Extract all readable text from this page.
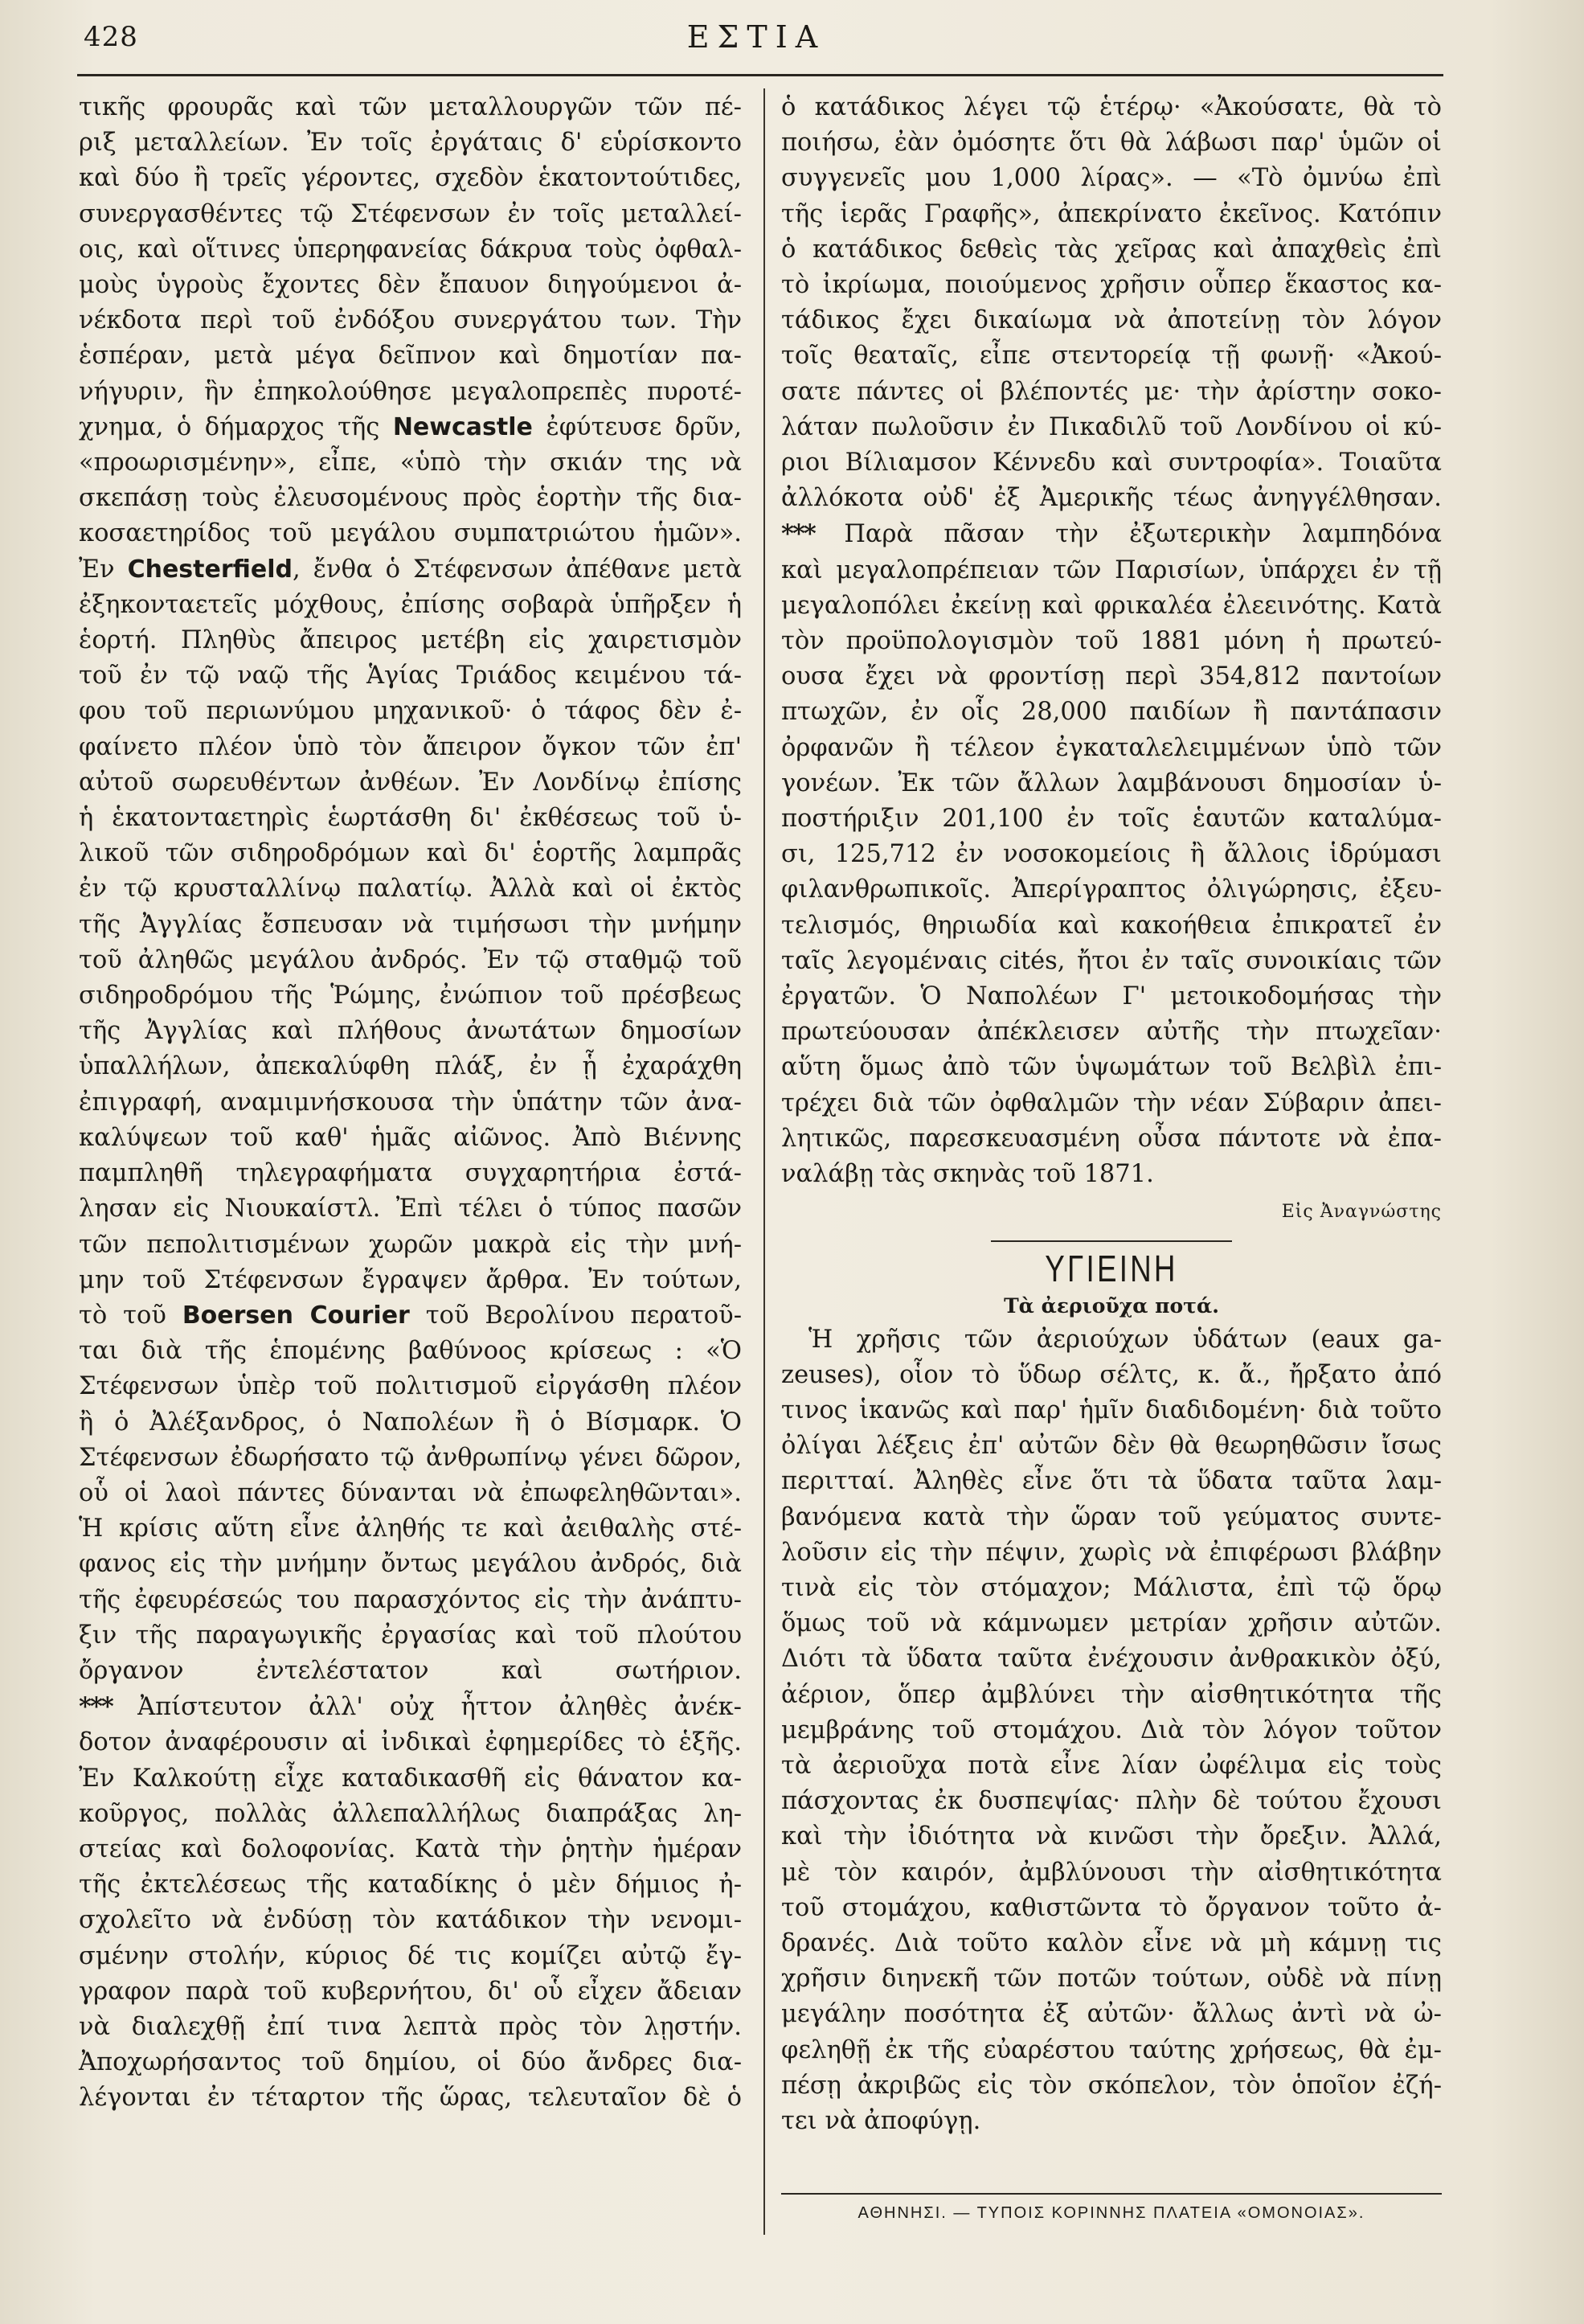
428	ΕΣΤΙΑ

τικῆς φρουρᾶς καὶ τῶν μεταλλουργῶν τῶν πέ-

ριξ μεταλλείων. Ἐν τοῖς ἐργάταις δ' εὑρίσκοντο

καὶ δύο ἢ τρεῖς γέροντες, σχεδὸν ἑκατοντούτιδες,

συνεργασθέντες τῷ Στέφενσων ἐν τοῖς μεταλλεί-

οις, καὶ οἵτινες ὑπερηφανείας δάκρυα τοὺς ὀφθαλ-

μοὺς ὑγροὺς ἔχοντες δὲν ἔπαυον διηγούμενοι ἀ-

νέκδοτα περὶ τοῦ ἐνδόξου συνεργάτου των. Τὴν

ἑσπέραν, μετὰ μέγα δεῖπνον καὶ δημοτίαν πα-

νήγυριν, ἣν ἐπηκολούθησε μεγαλοπρεπὲς πυροτέ-

χνημα, ὁ δήμαρχος τῆς Newcastle ἐφύτευσε δρῦν,

«προωρισμένην», εἶπε, «ὑπὸ τὴν σκιάν της νὰ

σκεπάσῃ τοὺς ἐλευσομένους πρὸς ἑορτὴν τῆς δια-

κοσαετηρίδος τοῦ μεγάλου συμπατριώτου ἡμῶν».

Ἐν Chesterfield, ἔνθα ὁ Στέφενσων ἀπέθανε μετὰ

ἐξηκονταετεῖς μόχθους, ἐπίσης σοβαρὰ ὑπῆρξεν ἡ

ἑορτή. Πληθὺς ἄπειρος μετέβη εἰς χαιρετισμὸν

τοῦ ἐν τῷ ναῷ τῆς Ἁγίας Τριάδος κειμένου τά-

φου τοῦ περιωνύμου μηχανικοῦ· ὁ τάφος δὲν ἐ-

φαίνετο πλέον ὑπὸ τὸν ἄπειρον ὄγκον τῶν ἐπ'

αὐτοῦ σωρευθέντων ἀνθέων. Ἐν Λονδίνῳ ἐπίσης

ἡ ἑκατονταετηρὶς ἑωρτάσθη δι' ἐκθέσεως τοῦ ὑ-

λικοῦ τῶν σιδηροδρόμων καὶ δι' ἑορτῆς λαμπρᾶς

ἐν τῷ κρυσταλλίνῳ παλατίῳ. Ἀλλὰ καὶ οἱ ἐκτὸς

τῆς Ἀγγλίας ἔσπευσαν νὰ τιμήσωσι τὴν μνήμην

τοῦ ἀληθῶς μεγάλου ἀνδρός. Ἐν τῷ σταθμῷ τοῦ

σιδηροδρόμου τῆς Ῥώμης, ἐνώπιον τοῦ πρέσβεως

τῆς Ἀγγλίας καὶ πλήθους ἀνωτάτων δημοσίων

ὑπαλλήλων, ἀπεκαλύφθη πλάξ, ἐν ᾗ ἐχαράχθη

ἐπιγραφή, αναμιμνήσκουσα τὴν ὑπάτην τῶν ἀνα-

καλύψεων τοῦ καθ' ἡμᾶς αἰῶνος. Ἀπὸ Βιέννης

παμπληθῆ τηλεγραφήματα συγχαρητήρια ἐστά-

λησαν εἰς Νιουκαίστλ. Ἐπὶ τέλει ὁ τύπος πασῶν

τῶν πεπολιτισμένων χωρῶν μακρὰ εἰς τὴν μνή-

μην τοῦ Στέφενσων ἔγραψεν ἄρθρα. Ἐν τούτων,

τὸ τοῦ Boersen Courier τοῦ Βερολίνου περατοῦ-

ται διὰ τῆς ἑπομένης βαθύνοος κρίσεως : «Ὁ

Στέφενσων ὑπὲρ τοῦ πολιτισμοῦ εἰργάσθη πλέον

ἢ ὁ Ἀλέξανδρος, ὁ Ναπολέων ἢ ὁ Βίσμαρκ. Ὁ

Στέφενσων ἐδωρήσατο τῷ ἀνθρωπίνῳ γένει δῶρον,

οὗ οἱ λαοὶ πάντες δύνανται νὰ ἐπωφεληθῶνται».

Ἡ κρίσις αὕτη εἶνε ἀληθής τε καὶ ἀειθαλὴς στέ-

φανος εἰς τὴν μνήμην ὄντως μεγάλου ἀνδρός, διὰ

τῆς ἐφευρέσεώς του παρασχόντος εἰς τὴν ἀνάπτυ-

ξιν τῆς παραγωγικῆς ἐργασίας καὶ τοῦ πλούτου

ὄργανον ἐντελέστατον καὶ σωτήριον.

*** Ἀπίστευτον ἀλλ' οὐχ ἧττον ἀληθὲς ἀνέκ-

δοτον ἀναφέρουσιν αἱ ἰνδικαὶ ἐφημερίδες τὸ ἑξῆς.

Ἐν Καλκούτῃ εἶχε καταδικασθῆ εἰς θάνατον κα-

κοῦργος, πολλὰς ἀλλεπαλλήλως διαπράξας λη-

στείας καὶ δολοφονίας. Κατὰ τὴν ῥητὴν ἡμέραν

τῆς ἐκτελέσεως τῆς καταδίκης ὁ μὲν δήμιος ἠ-

σχολεῖτο νὰ ἐνδύσῃ τὸν κατάδικον τὴν νενομι-

σμένην στολήν, κύριος δέ τις κομίζει αὐτῷ ἔγ-

γραφον παρὰ τοῦ κυβερνήτου, δι' οὗ εἶχεν ἄδειαν

νὰ διαλεχθῇ ἐπί τινα λεπτὰ πρὸς τὸν λῃστήν.

Ἀποχωρήσαντος τοῦ δημίου, οἱ δύο ἄνδρες δια-

λέγονται ἐν τέταρτον τῆς ὥρας, τελευταῖον δὲ ὁ

ὁ κατάδικος λέγει τῷ ἑτέρῳ· «Ἀκούσατε, θὰ τὸ

ποιήσω, ἐὰν ὀμόσητε ὅτι θὰ λάβωσι παρ' ὑμῶν οἱ

συγγενεῖς μου 1,000 λίρας». — «Τὸ ὀμνύω ἐπὶ

τῆς ἱερᾶς Γραφῆς», ἀπεκρίνατο ἐκεῖνος. Κατόπιν

ὁ κατάδικος δεθεὶς τὰς χεῖρας καὶ ἀπαχθεὶς ἐπὶ

τὸ ἰκρίωμα, ποιούμενος χρῆσιν οὗπερ ἕκαστος κα-

τάδικος ἔχει δικαίωμα νὰ ἀποτείνῃ τὸν λόγον

τοῖς θεαταῖς, εἶπε στεντορείᾳ τῇ φωνῇ· «Ἀκού-

σατε πάντες οἱ βλέποντές με· τὴν ἀρίστην σοκο-

λάταν πωλοῦσιν ἐν Πικαδιλῦ τοῦ Λονδίνου οἱ κύ-

ριοι Βίλιαμσον Κέννεδυ καὶ συντροφία». Τοιαῦτα

ἀλλόκοτα οὐδ' ἐξ Ἀμερικῆς τέως ἀνηγγέλθησαν.

*** Παρὰ πᾶσαν τὴν ἐξωτερικὴν λαμπηδόνα

καὶ μεγαλοπρέπειαν τῶν Παρισίων, ὑπάρχει ἐν τῇ

μεγαλοπόλει ἐκείνῃ καὶ φρικαλέα ἐλεεινότης. Κατὰ

τὸν προϋπολογισμὸν τοῦ 1881 μόνη ἡ πρωτεύ-

ουσα ἔχει νὰ φροντίσῃ περὶ 354,812 παντοίων

πτωχῶν, ἐν οἷς 28,000 παιδίων ἢ παντάπασιν

ὀρφανῶν ἢ τέλεον ἐγκαταλελειμμένων ὑπὸ τῶν

γονέων. Ἐκ τῶν ἄλλων λαμβάνουσι δημοσίαν ὑ-

ποστήριξιν 201,100 ἐν τοῖς ἑαυτῶν καταλύμα-

σι, 125,712 ἐν νοσοκομείοις ἢ ἄλλοις ἱδρύμασι

φιλανθρωπικοῖς. Ἀπερίγραπτος ὀλιγώρησις, ἐξευ-

τελισμός, θηριωδία καὶ κακοήθεια ἐπικρατεῖ ἐν

ταῖς λεγομέναις cités, ἤτοι ἐν ταῖς συνοικίαις τῶν

ἐργατῶν. Ὁ Ναπολέων Γ' μετοικοδομήσας τὴν

πρωτεύουσαν ἀπέκλεισεν αὐτῆς τὴν πτωχεῖαν·

αὕτη ὅμως ἀπὸ τῶν ὑψωμάτων τοῦ Βελβὶλ ἐπι-

τρέχει διὰ τῶν ὀφθαλμῶν τὴν νέαν Σύβαριν ἀπει-

λητικῶς, παρεσκευασμένη οὖσα πάντοτε νὰ ἐπα-

ναλάβῃ τὰς σκηνὰς τοῦ 1871.

Εἰς Ἀναγνώστης

ΥΓΙΕΙΝΗ

Τὰ ἀεριοῦχα ποτά.

Ἡ χρῆσις τῶν ἀεριούχων ὑδάτων (eaux ga-

zeuses), οἷον τὸ ὕδωρ σέλτς, κ. ἄ., ἤρξατο ἀπό

τινος ἱκανῶς καὶ παρ' ἡμῖν διαδιδομένη· διὰ τοῦτο

ὀλίγαι λέξεις ἐπ' αὐτῶν δὲν θὰ θεωρηθῶσιν ἴσως

περιτταί. Ἀληθὲς εἶνε ὅτι τὰ ὕδατα ταῦτα λαμ-

βανόμενα κατὰ τὴν ὥραν τοῦ γεύματος συντε-

λοῦσιν εἰς τὴν πέψιν, χωρὶς νὰ ἐπιφέρωσι βλάβην

τινὰ εἰς τὸν στόμαχον; Μάλιστα, ἐπὶ τῷ ὅρῳ

ὅμως τοῦ νὰ κάμνωμεν μετρίαν χρῆσιν αὐτῶν.

Διότι τὰ ὕδατα ταῦτα ἐνέχουσιν ἀνθρακικὸν ὀξύ,

ἀέριον, ὅπερ ἀμβλύνει τὴν αἰσθητικότητα τῆς

μεμβράνης τοῦ στομάχου. Διὰ τὸν λόγον τοῦτον

τὰ ἀεριοῦχα ποτὰ εἶνε λίαν ὠφέλιμα εἰς τοὺς

πάσχοντας ἐκ δυσπεψίας· πλὴν δὲ τούτου ἔχουσι

καὶ τὴν ἰδιότητα νὰ κινῶσι τὴν ὄρεξιν. Ἀλλά,

μὲ τὸν καιρόν, ἀμβλύνουσι τὴν αἰσθητικότητα

τοῦ στομάχου, καθιστῶντα τὸ ὄργανον τοῦτο ἀ-

δρανές. Διὰ τοῦτο καλὸν εἶνε νὰ μὴ κάμνῃ τις

χρῆσιν διηνεκῆ τῶν ποτῶν τούτων, οὐδὲ νὰ πίνῃ

μεγάλην ποσότητα ἐξ αὐτῶν· ἄλλως ἀντὶ νὰ ὠ-

φεληθῇ ἐκ τῆς εὐαρέστου ταύτης χρήσεως, θὰ ἐμ-

πέσῃ ἀκριβῶς εἰς τὸν σκόπελον, τὸν ὁποῖον ἐζή-

τει νὰ ἀποφύγῃ.

ΑΘΗΝΗΣΙ. — ΤΥΠΟΙΣ ΚΟΡΙΝΝΗΣ ΠΛΑΤΕΙΑ «ΟΜΟΝΟΙΑΣ».
